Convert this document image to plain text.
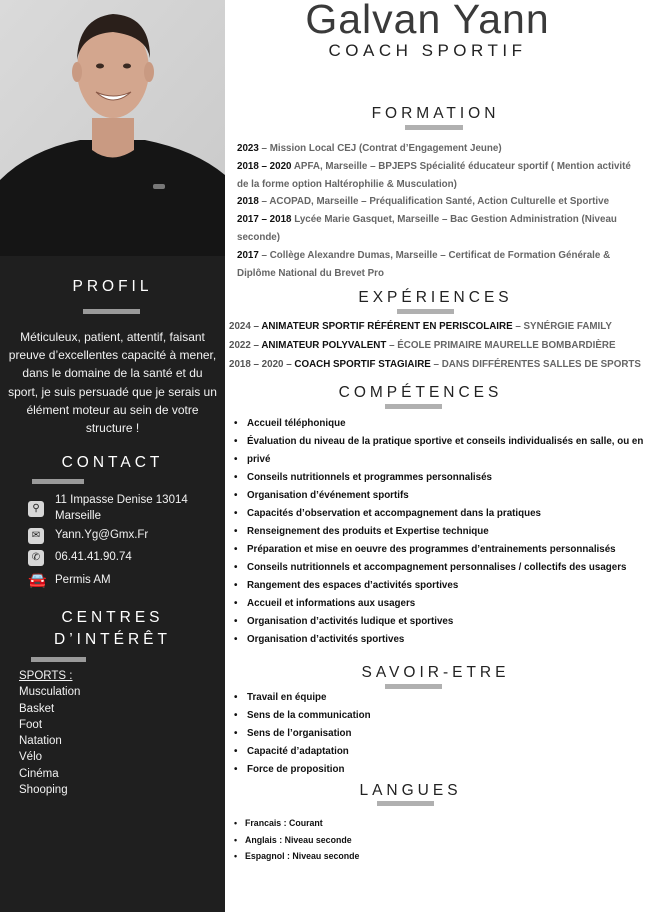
PROFIL
Méticuleux, patient, attentif, faisant preuve d’excellentes capacité à mener, dans le domaine de la santé et du sport, je suis persuadé que je serais un élément moteur au sein de votre structure !
CONTACT
⚲
11 Impasse Denise 13014 Marseille
✉	Yann.Yg@Gmx.Fr
✆	06.41.41.90.74
🚘 Permis AM
CENTRES
D’INTÉRÊT
SPORTS :
Musculation
Basket
Foot
Natation
Vélo
Cinéma
Shooping
Galvan Yann
COACH SPORTIF
FORMATION

2023 – Mission Local CEJ (Contrat d’Engagement Jeune)

2018 – 2020 APFA, Marseille – BPJEPS Spécialité éducateur sportif ( Mention activité

de la forme option Haltérophilie & Musculation)

2018 – ACOPAD, Marseille – Préqualification Santé, Action Culturelle et Sportive

2017 – 2018 Lycée Marie Gasquet, Marseille – Bac Gestion Administration (Niveau

seconde)

2017 – Collège Alexandre Dumas, Marseille – Certificat de Formation Générale &

Diplôme National du Brevet Pro

EXPÉRIENCES
2024 – ANIMATEUR SPORTIF RÉFÉRENT EN PERISCOLAIRE – SYNÉRGIE FAMILY
2022 – ANIMATEUR POLYVALENT – ÉCOLE PRIMAIRE MAURELLE BOMBARDIÈRE
2018 – 2020 – COACH SPORTIF STAGIAIRE – DANS DIFFÉRENTES SALLES DE SPORTS
COMPÉTENCES
• Accueil téléphonique
• Évaluation du niveau de la pratique sportive et conseils individualisés en salle, ou en
• privé
• Conseils nutritionnels et programmes personnalisés
• Organisation d’événement sportifs
• Capacités d’observation et accompagnement dans la pratiques
• Renseignement des produits et Expertise technique
• Préparation et mise en oeuvre des programmes d’entrainements personnalisés
• Conseils nutritionnels et accompagnement personnalises / collectifs des usagers
• Rangement des espaces d’activités sportives
• Accueil et informations aux usagers
• Organisation d’activités ludique et sportives
• Organisation d’activités sportives
SAVOIR-ETRE
• Travail en équipe
• Sens de la communication
• Sens de l’organisation
• Capacité d’adaptation
• Force de proposition
LANGUES
• Francais : Courant
• Anglais : Niveau seconde
• Espagnol : Niveau seconde
